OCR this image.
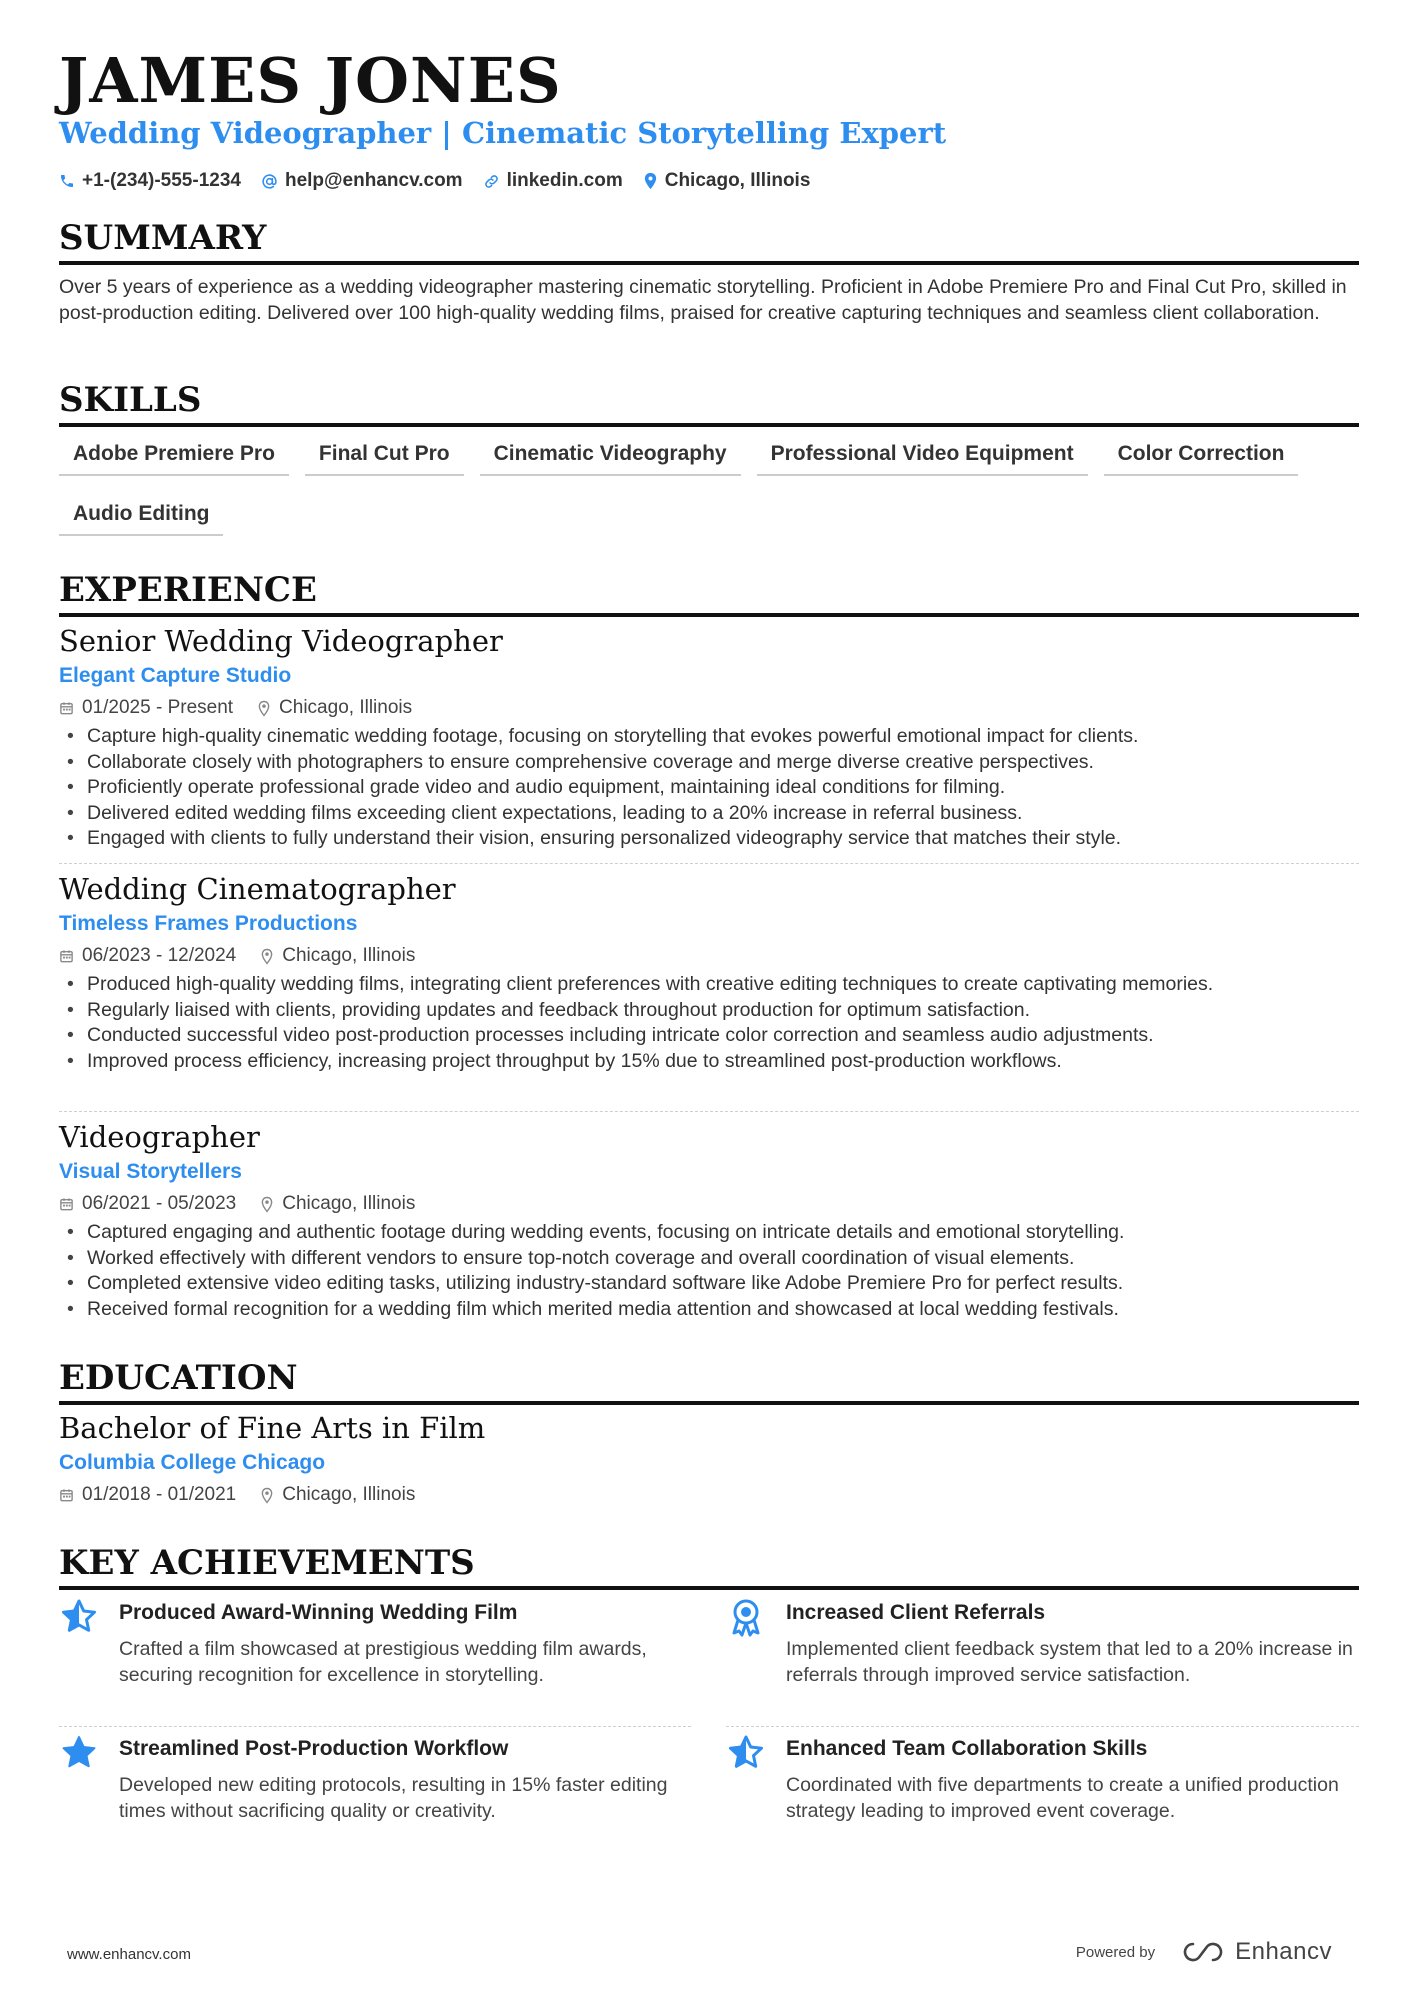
JAMES JONES
Wedding Videographer | Cinematic Storytelling Expert
+1-(234)-555-1234 help@enhancv.com linkedin.com Chicago, Illinois
SUMMARY
Over 5 years of experience as a wedding videographer mastering cinematic storytelling. Proficient in Adobe Premiere Pro and Final Cut Pro, skilled in post-production editing. Delivered over 100 high-quality wedding films, praised for creative capturing techniques and seamless client collaboration.
SKILLS
Adobe Premiere Pro	Final Cut Pro	Cinematic Videography	Professional Video Equipment	Color Correction
Audio Editing
EXPERIENCE
Senior Wedding Videographer
Elegant Capture Studio
01/2025 - Present Chicago, Illinois
• Capture high-quality cinematic wedding footage, focusing on storytelling that evokes powerful emotional impact for clients.
• Collaborate closely with photographers to ensure comprehensive coverage and merge diverse creative perspectives.
• Proficiently operate professional grade video and audio equipment, maintaining ideal conditions for filming.
• Delivered edited wedding films exceeding client expectations, leading to a 20% increase in referral business.
• Engaged with clients to fully understand their vision, ensuring personalized videography service that matches their style.
Wedding Cinematographer
Timeless Frames Productions
06/2023 - 12/2024 Chicago, Illinois
• Produced high-quality wedding films, integrating client preferences with creative editing techniques to create captivating memories.
• Regularly liaised with clients, providing updates and feedback throughout production for optimum satisfaction.
• Conducted successful video post-production processes including intricate color correction and seamless audio adjustments.
• Improved process efficiency, increasing project throughput by 15% due to streamlined post-production workflows.
Videographer
Visual Storytellers
06/2021 - 05/2023 Chicago, Illinois
• Captured engaging and authentic footage during wedding events, focusing on intricate details and emotional storytelling.
• Worked effectively with different vendors to ensure top-notch coverage and overall coordination of visual elements.
• Completed extensive video editing tasks, utilizing industry-standard software like Adobe Premiere Pro for perfect results.
• Received formal recognition for a wedding film which merited media attention and showcased at local wedding festivals.
EDUCATION
Bachelor of Fine Arts in Film
Columbia College Chicago
01/2018 - 01/2021 Chicago, Illinois
KEY ACHIEVEMENTS
Produced Award-Winning Wedding Film
Crafted a film showcased at prestigious wedding film awards, securing recognition for excellence in storytelling.
Increased Client Referrals
Implemented client feedback system that led to a 20% increase in referrals through improved service satisfaction.
Streamlined Post-Production Workflow
Developed new editing protocols, resulting in 15% faster editing times without sacrificing quality or creativity.
Enhanced Team Collaboration Skills
Coordinated with five departments to create a unified production strategy leading to improved event coverage.
www.enhancv.com	Powered by	Enhancv
